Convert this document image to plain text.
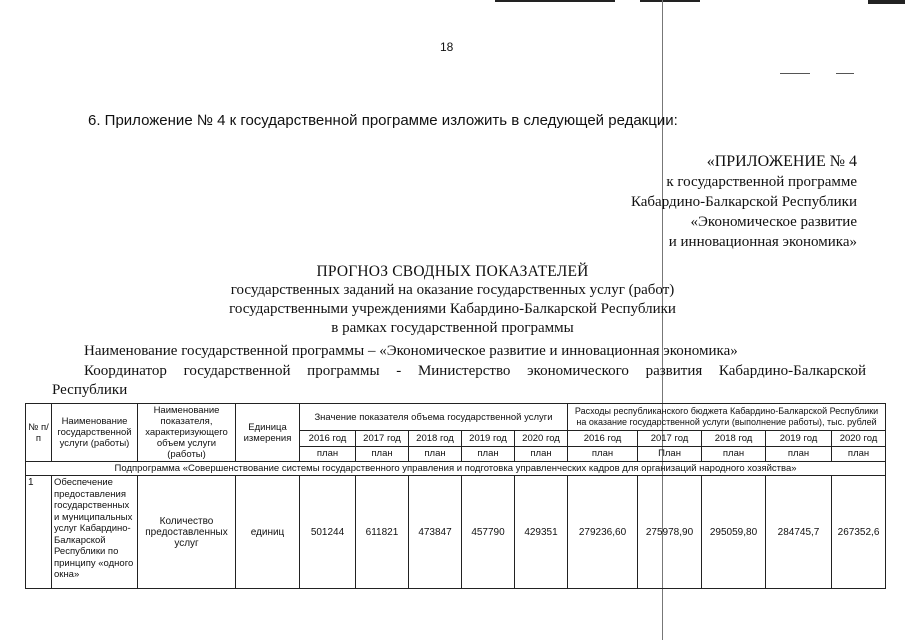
18
6. Приложение № 4 к государственной программе изложить в следующей редакции:
«ПРИЛОЖЕНИЕ № 4
к государственной программе
Кабардино-Балкарской Республики
«Экономическое развитие
и инновационная экономика»
ПРОГНОЗ СВОДНЫХ ПОКАЗАТЕЛЕЙ
государственных заданий на оказание государственных услуг (работ)
государственными учреждениями Кабардино-Балкарской Республики
в рамках государственной программы
Наименование государственной программы – «Экономическое развитие и инновационная экономика»
Координатор государственной программы - Министерство экономического развития Кабардино-Балкарской
Республики
№ п/п	Наименование государственной услуги (работы)	Наименование показателя, характеризующего объем услуги (работы)	Единица измерения	Значение показателя объема государственной услуги					Расходы республиканского бюджета Кабардино-Балкарской Республики на оказание государственной услуги (выполнение работы), тыс. рублей				
				2016 год	2017 год	2018 год	2019 год	2020 год	2016 год	2017 год	2018 год	2019 год	2020 год
				план	план	план	план	план	план	План	план	план	план
Подпрограмма «Совершенствование системы государственного управления и подготовка управленческих кадров для организаций народного хозяйства»													
1	Обеспечение предоставления государственных и муниципальных услуг Кабардино-Балкарской Республики по принципу «одного окна»	Количество предоставленных услуг	единиц	501244	611821	473847	457790	429351	279236,60	275978,90	295059,80	284745,7	267352,6
